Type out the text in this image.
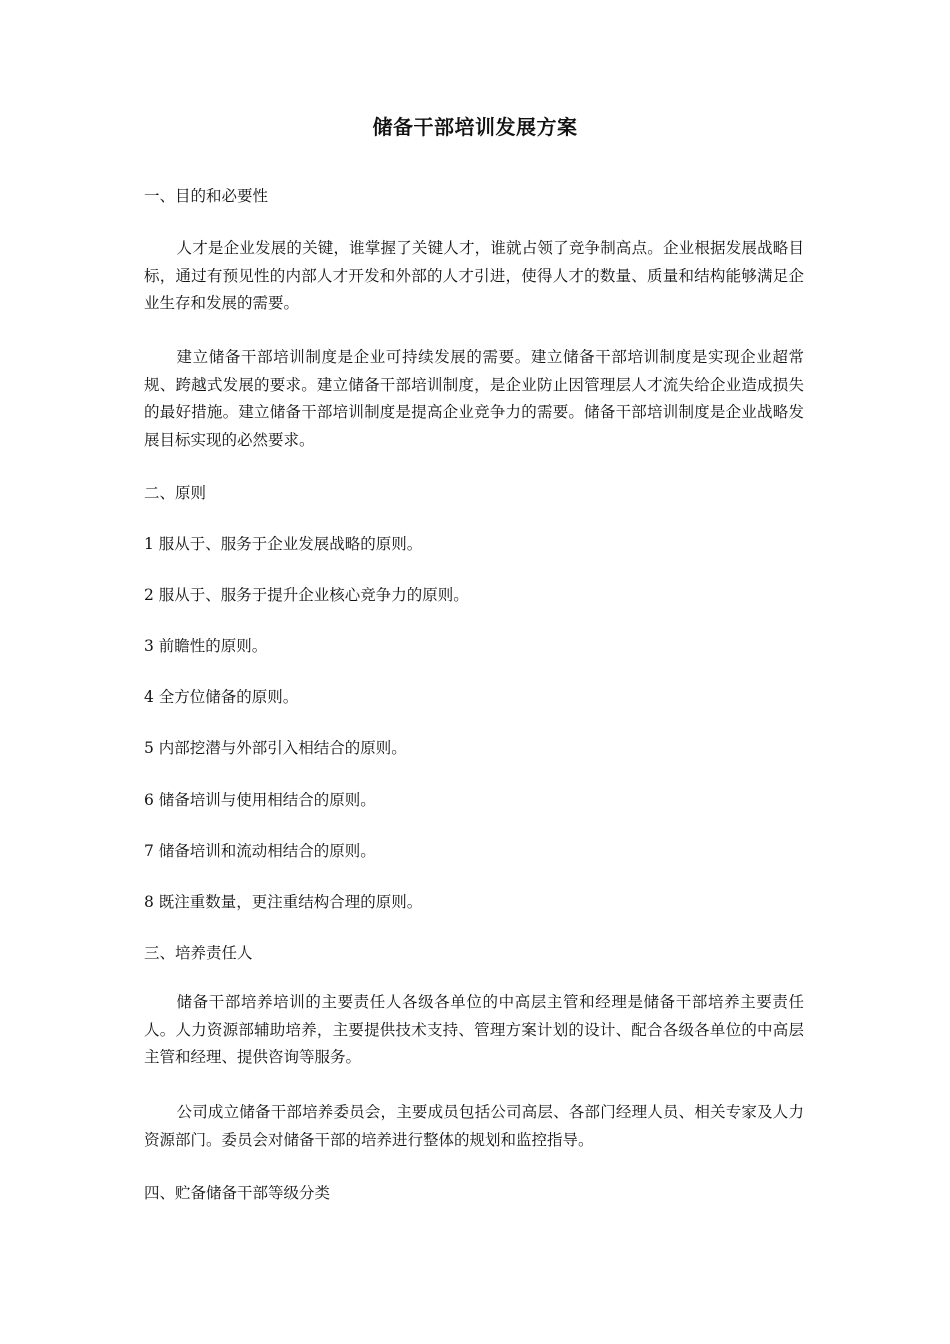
储备干部培训发展方案
一、目的和必要性
人才是企业发展的关键，谁掌握了关键人才，谁就占领了竞争制高点。企业根据发展战略目标，通过有预见性的内部人才开发和外部的人才引进，使得人才的数量、质量和结构能够满足企业生存和发展的需要。
建立储备干部培训制度是企业可持续发展的需要。建立储备干部培训制度是实现企业超常规、跨越式发展的要求。建立储备干部培训制度，是企业防止因管理层人才流失给企业造成损失的最好措施。建立储备干部培训制度是提高企业竞争力的需要。储备干部培训制度是企业战略发展目标实现的必然要求。
二、原则
1 服从于、服务于企业发展战略的原则。
2 服从于、服务于提升企业核心竞争力的原则。
3 前瞻性的原则。
4 全方位储备的原则。
5 内部挖潜与外部引入相结合的原则。
6 储备培训与使用相结合的原则。
7 储备培训和流动相结合的原则。
8 既注重数量，更注重结构合理的原则。
三、培养责任人
储备干部培养培训的主要责任人各级各单位的中高层主管和经理是储备干部培养主要责任人。人力资源部辅助培养，主要提供技术支持、管理方案计划的设计、配合各级各单位的中高层主管和经理、提供咨询等服务。
公司成立储备干部培养委员会，主要成员包括公司高层、各部门经理人员、相关专家及人力资源部门。委员会对储备干部的培养进行整体的规划和监控指导。
四、贮备储备干部等级分类
